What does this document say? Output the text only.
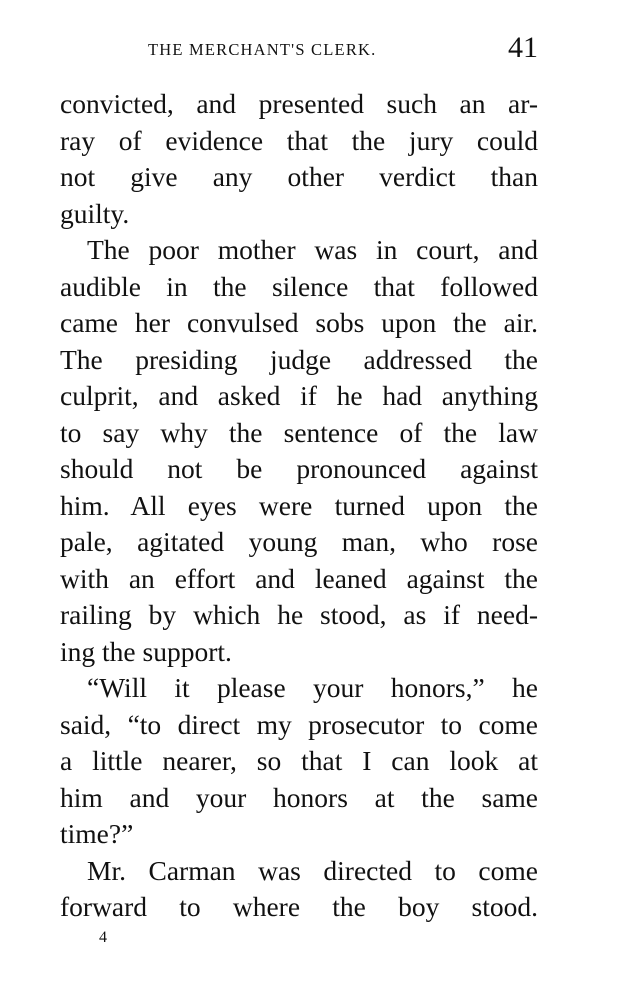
THE MERCHANT'S CLERK.	41
convicted, and presented such an ar-
ray of evidence that the jury could
not give any other verdict than
guilty.
The poor mother was in court, and
audible in the silence that followed
came her convulsed sobs upon the air.
The presiding judge addressed the
culprit, and asked if he had anything
to say why the sentence of the law
should not be pronounced against
him. All eyes were turned upon the
pale, agitated young man, who rose
with an effort and leaned against the
railing by which he stood, as if need-
ing the support.
“Will it please your honors,” he
said, “to direct my prosecutor to come
a little nearer, so that I can look at
him and your honors at the same
time?”
Mr. Carman was directed to come
forward to where the boy stood.
4
